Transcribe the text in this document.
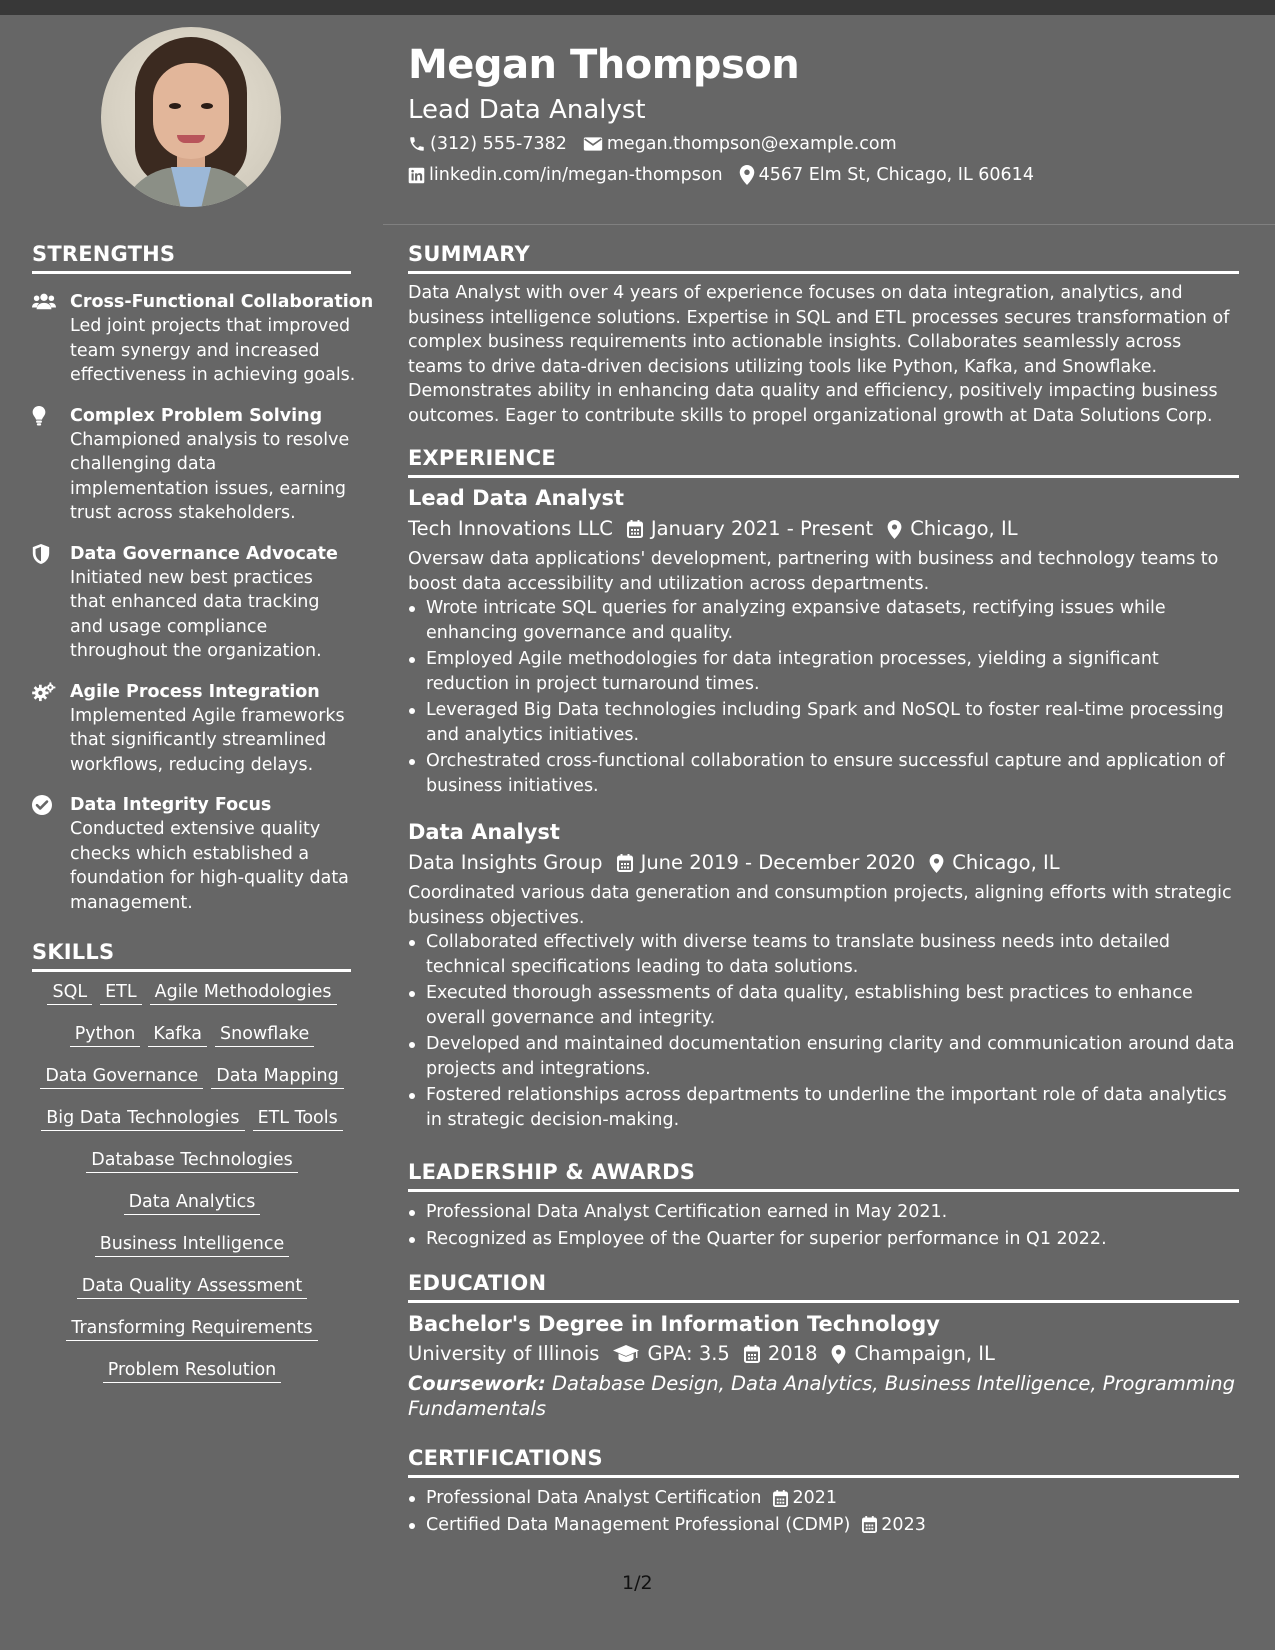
Megan Thompson
Lead Data Analyst
(312) 555-7382 megan.thompson@example.com
linkedin.com/in/megan-thompson 4567 Elm St, Chicago, IL 60614
STRENGTHS
Cross-Functional Collaboration
Led joint projects that improved team synergy and increased effectiveness in achieving goals.
Complex Problem Solving
Championed analysis to resolve challenging data implementation issues, earning trust across stakeholders.
Data Governance Advocate
Initiated new best practices that enhanced data tracking and usage compliance throughout the organization.
Agile Process Integration
Implemented Agile frameworks that significantly streamlined workflows, reducing delays.
Data Integrity Focus
Conducted extensive quality checks which established a foundation for high-quality data management.
SKILLS
SQL ETL Agile Methodologies
Python Kafka Snowflake
Data Governance Data Mapping
Big Data Technologies ETL Tools
Database Technologies
Data Analytics
Business Intelligence
Data Quality Assessment
Transforming Requirements
Problem Resolution
SUMMARY
Data Analyst with over 4 years of experience focuses on data integration, analytics, and business intelligence solutions. Expertise in SQL and ETL processes secures transformation of complex business requirements into actionable insights. Collaborates seamlessly across teams to drive data-driven decisions utilizing tools like Python, Kafka, and Snowflake. Demonstrates ability in enhancing data quality and efficiency, positively impacting business outcomes. Eager to contribute skills to propel organizational growth at Data Solutions Corp.
EXPERIENCE
Lead Data Analyst
Tech Innovations LLC January 2021 - Present Chicago, IL
Oversaw data applications' development, partnering with business and technology teams to boost data accessibility and utilization across departments.
Wrote intricate SQL queries for analyzing expansive datasets, rectifying issues while enhancing governance and quality.
Employed Agile methodologies for data integration processes, yielding a significant reduction in project turnaround times.
Leveraged Big Data technologies including Spark and NoSQL to foster real-time processing and analytics initiatives.
Orchestrated cross-functional collaboration to ensure successful capture and application of business initiatives.
Data Analyst
Data Insights Group June 2019 - December 2020 Chicago, IL
Coordinated various data generation and consumption projects, aligning efforts with strategic business objectives.
Collaborated effectively with diverse teams to translate business needs into detailed technical specifications leading to data solutions.
Executed thorough assessments of data quality, establishing best practices to enhance overall governance and integrity.
Developed and maintained documentation ensuring clarity and communication around data projects and integrations.
Fostered relationships across departments to underline the important role of data analytics in strategic decision-making.
LEADERSHIP & AWARDS
Professional Data Analyst Certification earned in May 2021.
Recognized as Employee of the Quarter for superior performance in Q1 2022.
EDUCATION
Bachelor's Degree in Information Technology
University of Illinois GPA: 3.5 2018 Champaign, IL
Coursework: Database Design, Data Analytics, Business Intelligence, Programming Fundamentals
CERTIFICATIONS
Professional Data Analyst Certification 2021
Certified Data Management Professional (CDMP) 2023
1/2
